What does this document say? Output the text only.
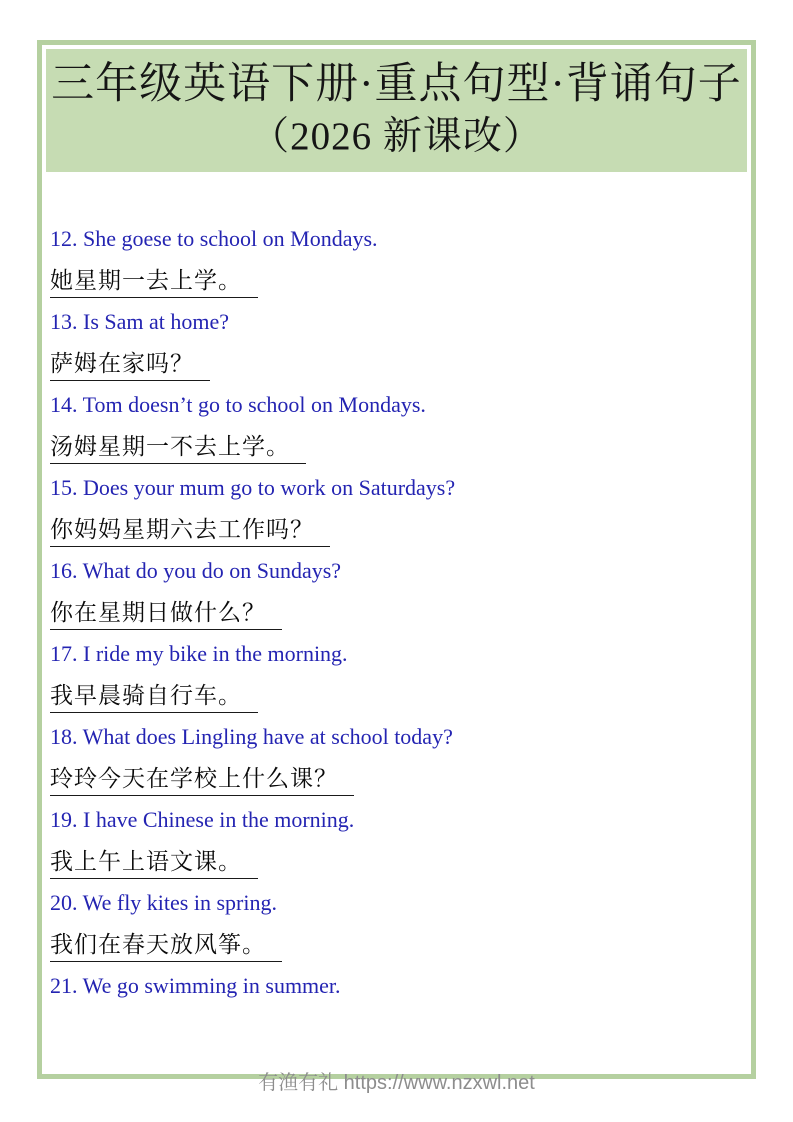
三年级英语下册·重点句型·背诵句子
（2026 新课改）
12. She goese to school on Mondays.
她星期一去上学。
13. Is Sam at home?
萨姆在家吗？
14. Tom doesn’t go to school on Mondays.
汤姆星期一不去上学。
15. Does your mum go to work on Saturdays?
你妈妈星期六去工作吗？
16. What do you do on Sundays?
你在星期日做什么？
17. I ride my bike in the morning.
我早晨骑自行车。
18. What does Lingling have at school today?
玲玲今天在学校上什么课？
19. I have Chinese in the morning.
我上午上语文课。
20. We fly kites in spring.
我们在春天放风筝。
21. We go swimming in summer.
有渔有礼 https://www.nzxwl.net
